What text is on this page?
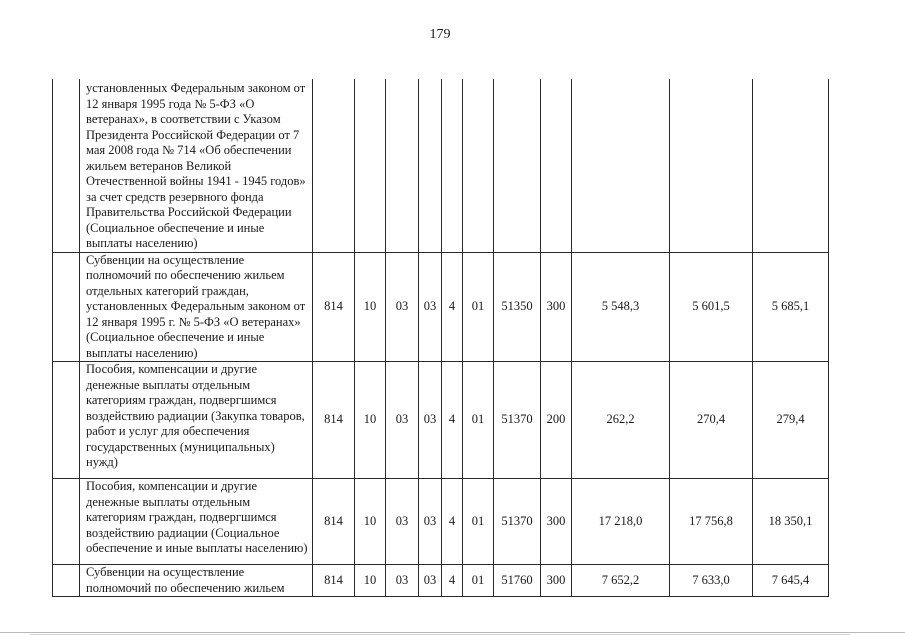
179
	установленных Федеральным законом от 12 января 1995 года № 5-ФЗ «О ветеранах», в соответствии с Указом Президента Российской Федерации от 7 мая 2008 года № 714 «Об обеспечении жильем ветеранов Великой Отечественной войны 1941 - 1945 годов» за счет средств резервного фонда Правительства Российской Федерации (Социальное обеспечение и иные выплаты населению)											
	Субвенции на осуществление полномочий по обеспечению жильем отдельных категорий граждан, установленных Федеральным законом от 12 января 1995 г. № 5-ФЗ «О ветеранах» (Социальное обеспечение и иные выплаты населению)	814	10	03	03	4	01	51350	300	5 548,3	5 601,5	5 685,1
	Пособия, компенсации и другие денежные выплаты отдельным категориям граждан, подвергшимся воздействию радиации (Закупка товаров, работ и услуг для обеспечения государственных (муниципальных) нужд)	814	10	03	03	4	01	51370	200	262,2	270,4	279,4
	Пособия, компенсации и другие денежные выплаты отдельным категориям граждан, подвергшимся воздействию радиации (Социальное обеспечение и иные выплаты населению)	814	10	03	03	4	01	51370	300	17 218,0	17 756,8	18 350,1
	Субвенции на осуществление полномочий по обеспечению жильем	814	10	03	03	4	01	51760	300	7 652,2	7 633,0	7 645,4
